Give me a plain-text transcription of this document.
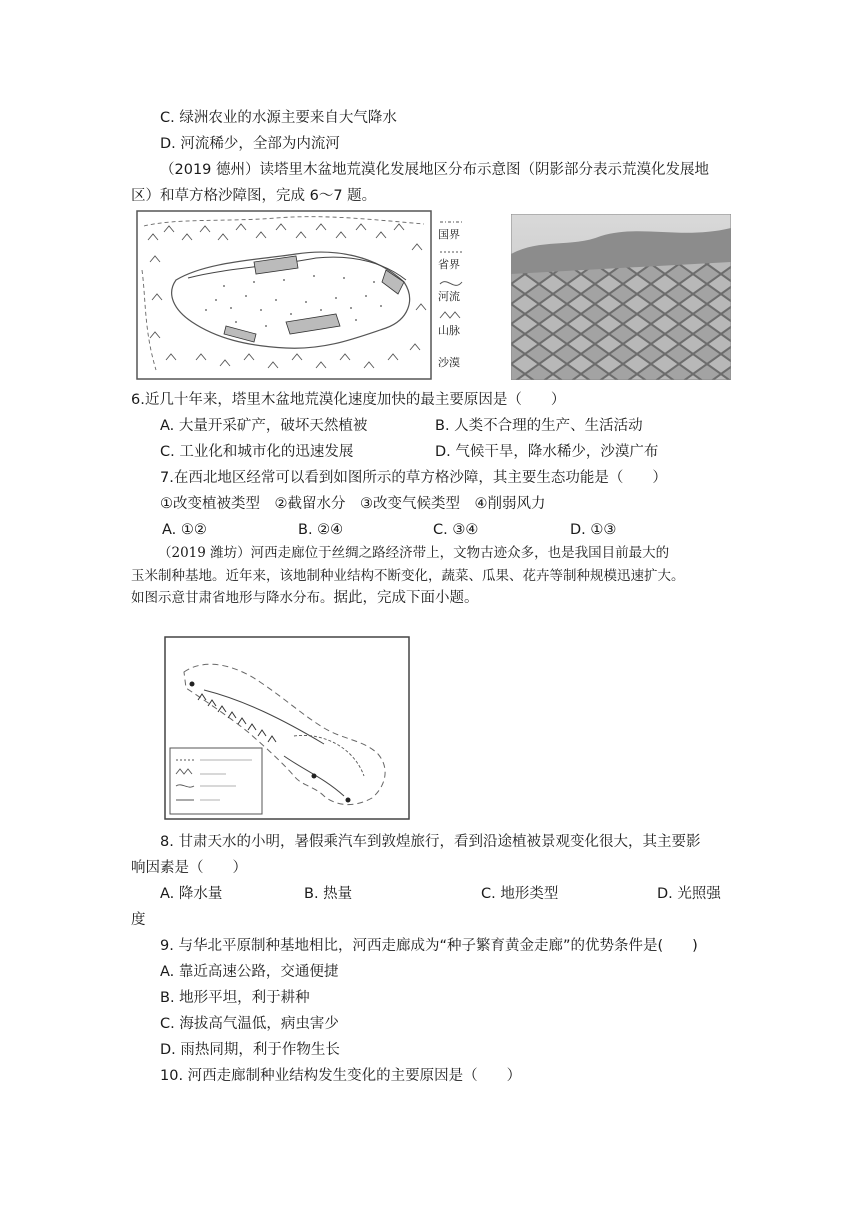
C. 绿洲农业的水源主要来自大气降水
D. 河流稀少，全部为内流河
（2019 德州）读塔里木盆地荒漠化发展地区分布示意图（阴影部分表示荒漠化发展地
区）和草方格沙障图，完成 6～7 题。
国界
省界
河流
山脉
沙漠
6.近几十年来，塔里木盆地荒漠化速度加快的最主要原因是（　　）
A. 大量开采矿产，破坏天然植被	B. 人类不合理的生产、生活活动
C. 工业化和城市化的迅速发展	D. 气候干旱，降水稀少，沙漠广布
7.在西北地区经常可以看到如图所示的草方格沙障，其主要生态功能是（　　）
①改变植被类型　②截留水分　③改变气候类型　④削弱风力
A. ①②	B. ②④	C. ③④	D. ①③
（2019 潍坊）河西走廊位于丝绸之路经济带上，文物古迹众多，也是我国目前最大的
玉米制种基地。近年来，该地制种业结构不断变化，蔬菜、瓜果、花卉等制种规模迅速扩大。
如图示意甘肃省地形与降水分布。据此，完成下面小题。
8. 甘肃天水的小明，暑假乘汽车到敦煌旅行，看到沿途植被景观变化很大，其主要影
响因素是（　　）
A. 降水量	B. 热量	C. 地形类型	D. 光照强
度
9. 与华北平原制种基地相比，河西走廊成为“种子繁育黄金走廊”的优势条件是(　　)
A. 靠近高速公路，交通便捷
B. 地形平坦，利于耕种
C. 海拔高气温低，病虫害少
D. 雨热同期，利于作物生长
10. 河西走廊制种业结构发生变化的主要原因是（　　）
